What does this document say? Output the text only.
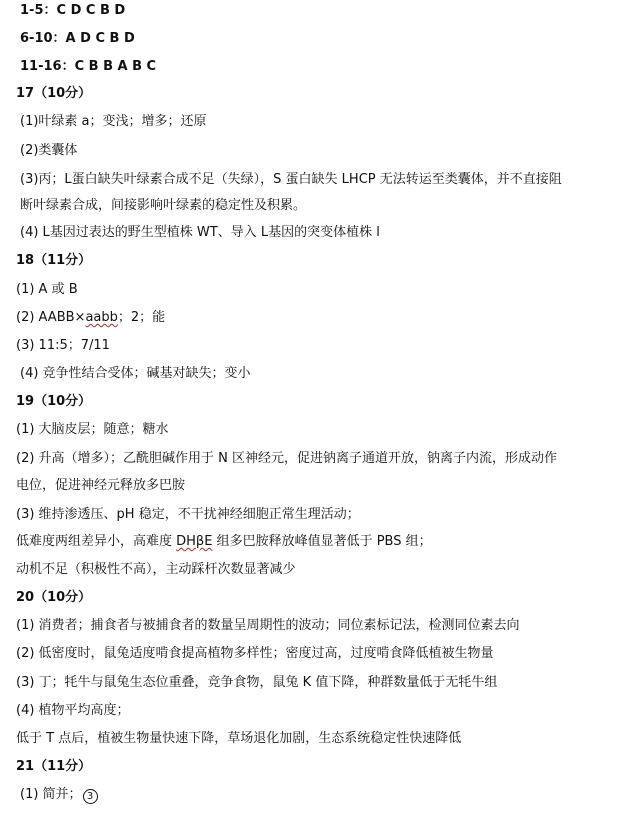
1-5：C D C B D
6-10：A D C B D
11-16：C B B A B C
17（10分）
(1)叶绿素 a；变浅；增多；还原
(2)类囊体
(3)丙；L蛋白缺失叶绿素合成不足（失绿），S 蛋白缺失 LHCP 无法转运至类囊体，并不直接阻
断叶绿素合成，间接影响叶绿素的稳定性及积累。
(4) L基因过表达的野生型植株 WT、导入 L基因的突变体植株 l
18（11分）
(1) A 或 B
(2) AABB×aabb；2；能
(3) 11:5；7/11
(4) 竞争性结合受体；碱基对缺失；变小
19（10分）
(1) 大脑皮层；随意；糖水
(2) 升高（增多）；乙酰胆碱作用于 N 区神经元，促进钠离子通道开放，钠离子内流，形成动作
电位，促进神经元释放多巴胺
(3) 维持渗透压、pH 稳定，不干扰神经细胞正常生理活动；
低难度两组差异小，高难度 DHβE 组多巴胺释放峰值显著低于 PBS 组；
动机不足（积极性不高），主动踩杆次数显著减少
20（10分）
(1) 消费者；捕食者与被捕食者的数量呈周期性的波动；同位素标记法，检测同位素去向
(2) 低密度时，鼠兔适度啃食提高植物多样性；密度过高，过度啃食降低植被生物量
(3) 丁；牦牛与鼠兔生态位重叠，竞争食物，鼠兔 K 值下降，种群数量低于无牦牛组
(4) 植物平均高度；
低于 T 点后，植被生物量快速下降，草场退化加剧，生态系统稳定性快速降低
21（11分）
(1) 简并； 3
